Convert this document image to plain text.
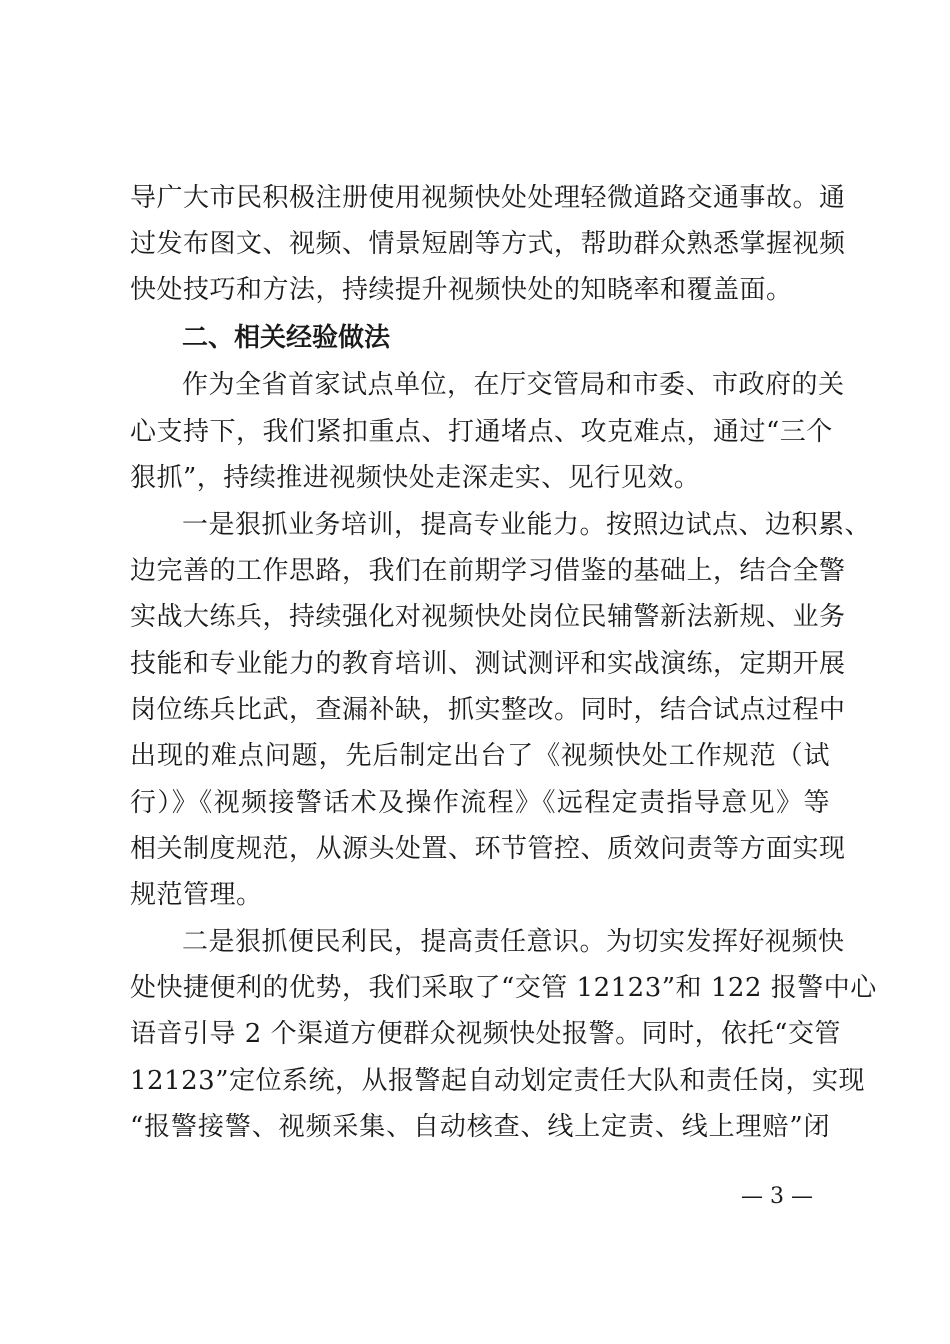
导广大市民积极注册使用视频快处处理轻微道路交通事故。通
过发布图文、视频、情景短剧等方式，帮助群众熟悉掌握视频
快处技巧和方法，持续提升视频快处的知晓率和覆盖面。
二、相关经验做法
作为全省首家试点单位，在厅交管局和市委、市政府的关
心支持下，我们紧扣重点、打通堵点、攻克难点，通过“三个
狠抓”，持续推进视频快处走深走实、见行见效。
一是狠抓业务培训，提高专业能力。按照边试点、边积累、
边完善的工作思路，我们在前期学习借鉴的基础上，结合全警
实战大练兵，持续强化对视频快处岗位民辅警新法新规、业务
技能和专业能力的教育培训、测试测评和实战演练，定期开展
岗位练兵比武，查漏补缺，抓实整改。同时，结合试点过程中
出现的难点问题，先后制定出台了《视频快处工作规范（试
行）》《视频接警话术及操作流程》《远程定责指导意见》等
相关制度规范，从源头处置、环节管控、质效问责等方面实现
规范管理。
二是狠抓便民利民，提高责任意识。为切实发挥好视频快
处快捷便利的优势，我们采取了“交管 12123”和 122 报警中心
语音引导 2 个渠道方便群众视频快处报警。同时，依托“交管
12123”定位系统，从报警起自动划定责任大队和责任岗，实现
“报警接警、视频采集、自动核查、线上定责、线上理赔”闭
— 3 —
